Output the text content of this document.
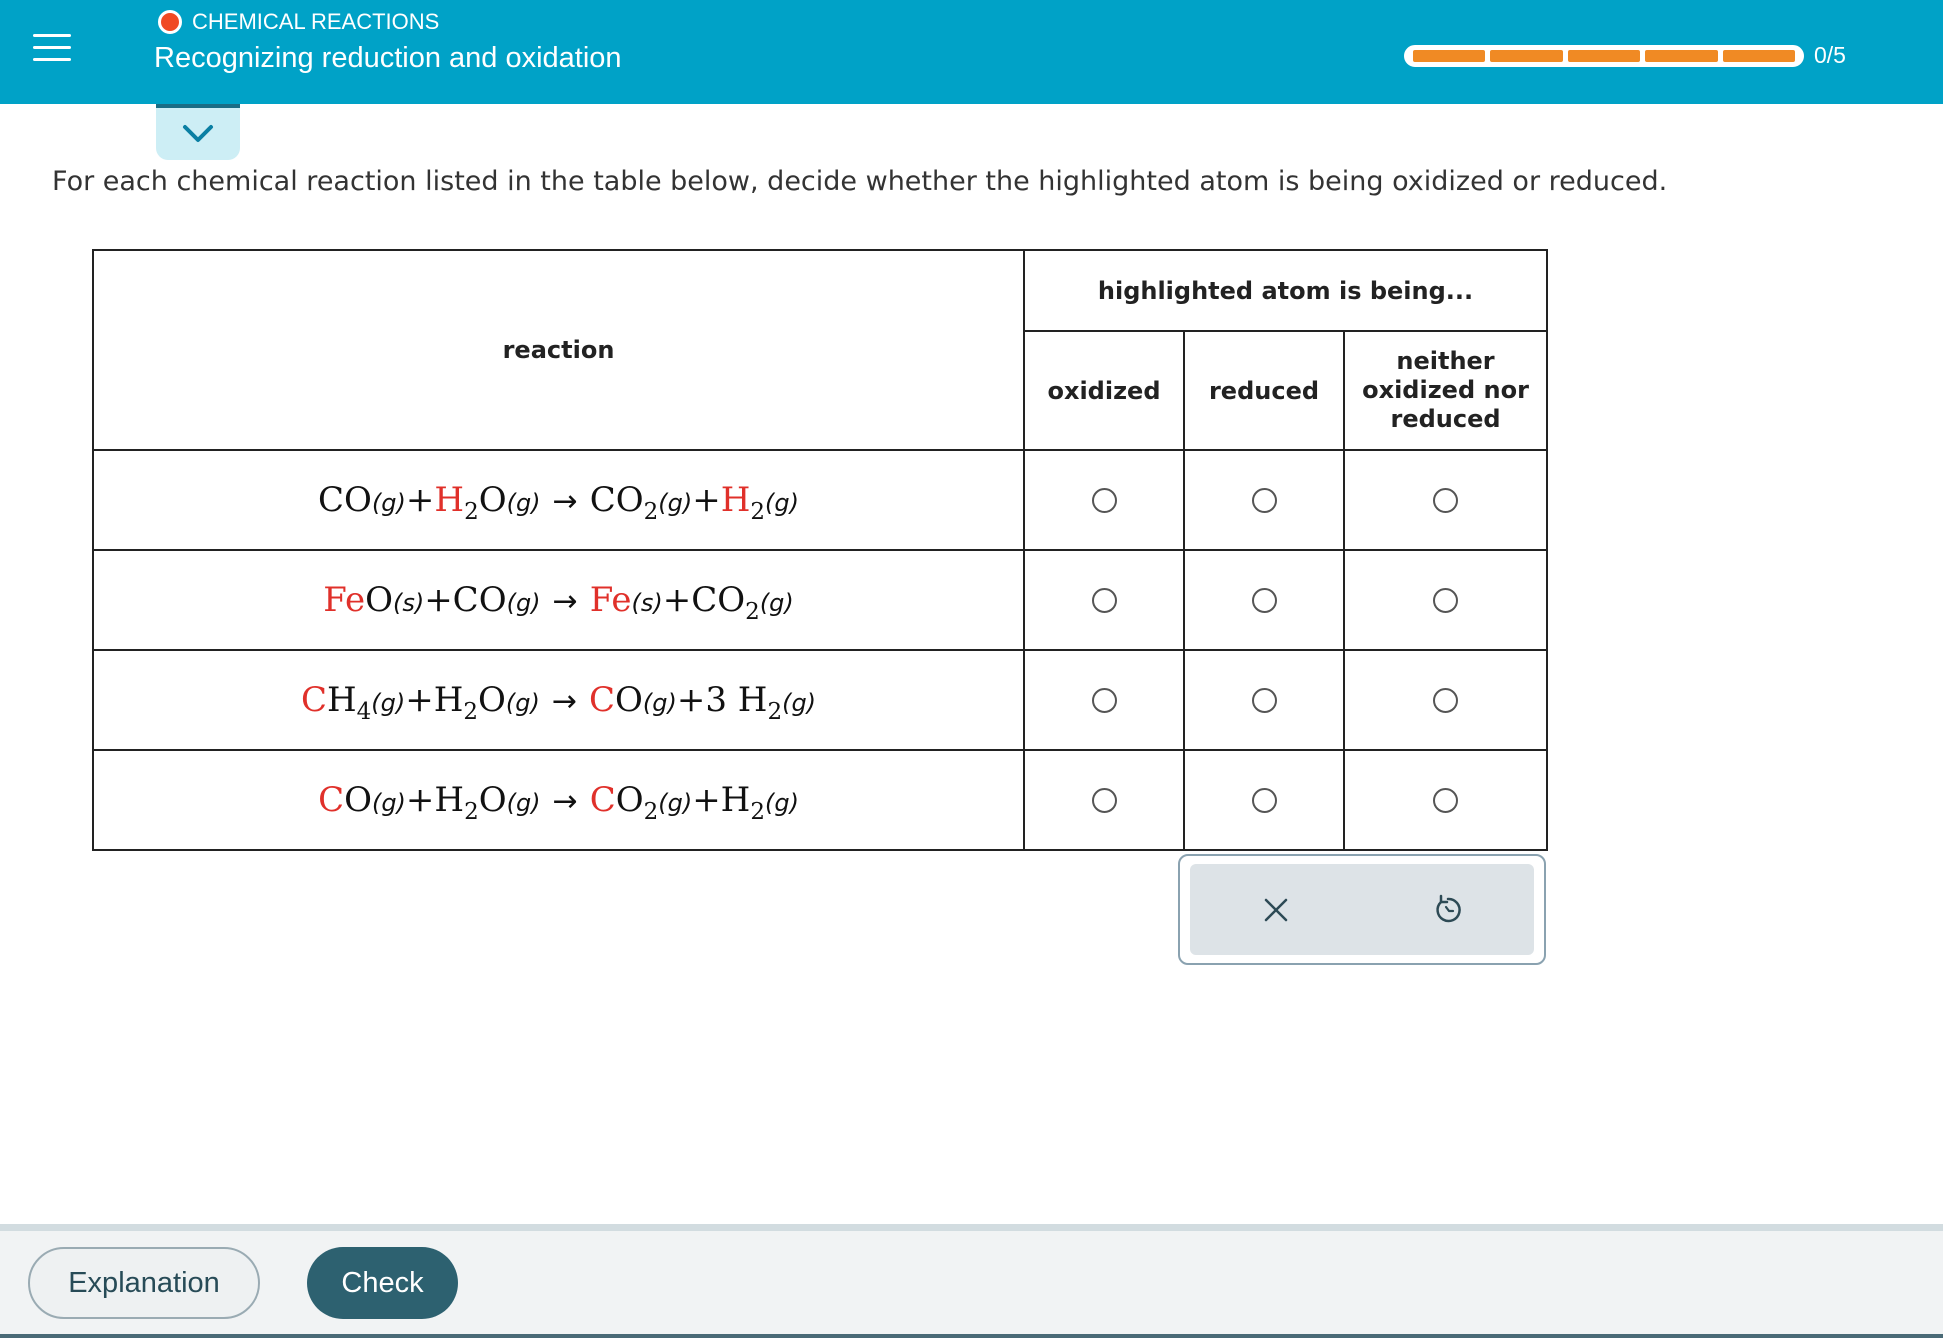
CHEMICAL REACTIONS
Recognizing reduction and oxidation	0/5
For each chemical reaction listed in the table below, decide whether the highlighted atom is being oxidized or reduced.
reaction	highlighted atom is being...		
	oxidized	reduced	neither
oxidized nor
reduced
$CO(g)+H_2O(g) \to CO_2(g)+H_2(g)$			
$FeO(s)+CO(g) \to Fe(s)+CO_2(g)$			
$CH_4(g)+H_2O(g) \to CO(g)+3$ $H_2(g)$			
$CO(g)+H_2O(g) \to CO_2(g)+H_2(g)$			
Explanation	Check
